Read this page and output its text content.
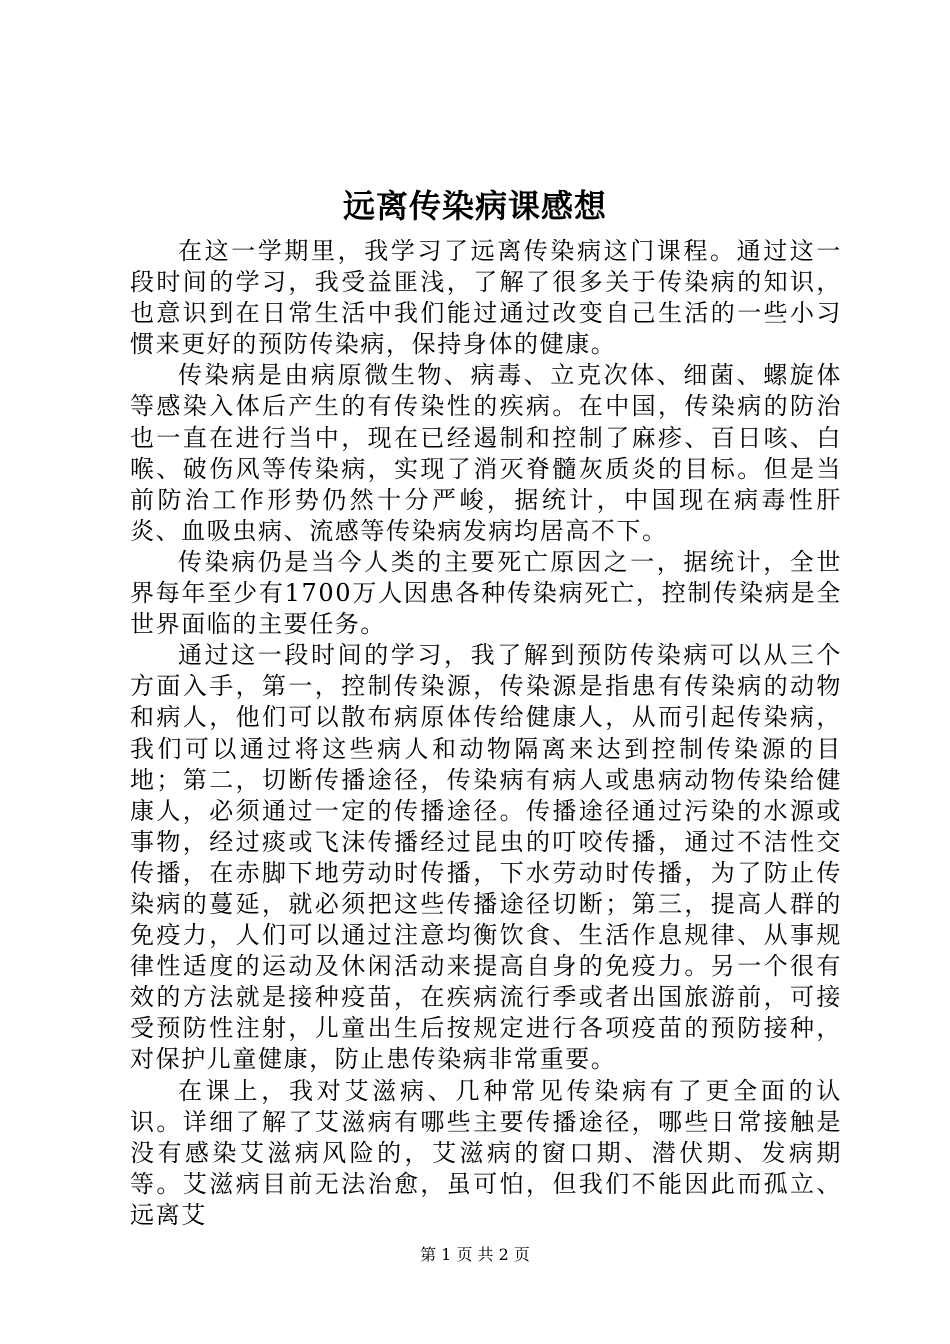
远离传染病课感想

在这一学期里，我学习了远离传染病这门课程。通过这一段时间的学习，我受益匪浅，了解了很多关于传染病的知识，也意识到在日常生活中我们能过通过改变自己生活的一些小习惯来更好的预防传染病，保持身体的健康。

传染病是由病原微生物、病毒、立克次体、细菌、螺旋体等感染入体后产生的有传染性的疾病。在中国，传染病的防治也一直在进行当中，现在已经遏制和控制了麻疹、百日咳、白喉、破伤风等传染病，实现了消灭脊髓灰质炎的目标。但是当前防治工作形势仍然十分严峻，据统计，中国现在病毒性肝炎、血吸虫病、流感等传染病发病均居高不下。

传染病仍是当今人类的主要死亡原因之一，据统计，全世界每年至少有1700万人因患各种传染病死亡，控制传染病是全世界面临的主要任务。

通过这一段时间的学习，我了解到预防传染病可以从三个方面入手，第一，控制传染源，传染源是指患有传染病的动物和病人，他们可以散布病原体传给健康人，从而引起传染病，我们可以通过将这些病人和动物隔离来达到控制传染源的目地；第二，切断传播途径，传染病有病人或患病动物传染给健康人，必须通过一定的传播途径。传播途径通过污染的水源或事物，经过痰或飞沫传播经过昆虫的叮咬传播，通过不洁性交传播，在赤脚下地劳动时传播，下水劳动时传播，为了防止传染病的蔓延，就必须把这些传播途径切断；第三，提高人群的免疫力，人们可以通过注意均衡饮食、生活作息规律、从事规律性适度的运动及休闲活动来提高自身的免疫力。另一个很有效的方法就是接种疫苗，在疾病流行季或者出国旅游前，可接受预防性注射，儿童出生后按规定进行各项疫苗的预防接种，对保护儿童健康，防止患传染病非常重要。

在课上，我对艾滋病、几种常见传染病有了更全面的认识。详细了解了艾滋病有哪些主要传播途径，哪些日常接触是没有感染艾滋病风险的，艾滋病的窗口期、潜伏期、发病期等。艾滋病目前无法治愈，虽可怕，但我们不能因此而孤立、远离艾

第 1 页 共 2 页
